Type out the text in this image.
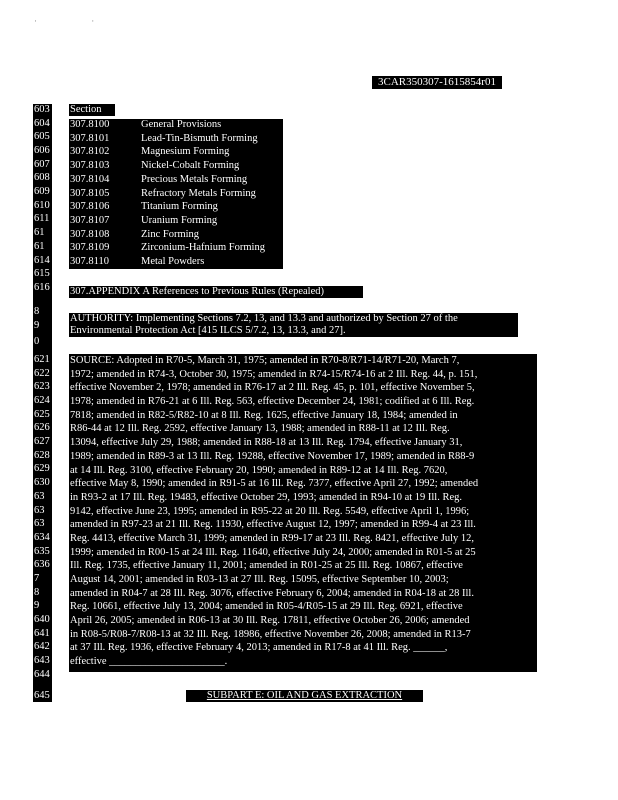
· ·
3CAR350307-1615854r01
603
604
605
606
607
608
609
610
611
61
61
614
615
616
8
9
0
621
622
623
624
625
626
627
628
629
630
63
63
63
634
635
636
7
8
9
640
641
642
643
644
645
Section
307.8100	General Provisions
307.8101	Lead-Tin-Bismuth Forming
307.8102	Magnesium Forming
307.8103	Nickel-Cobalt Forming
307.8104	Precious Metals Forming
307.8105	Refractory Metals Forming
307.8106	Titanium Forming
307.8107	Uranium Forming
307.8108	Zinc Forming
307.8109	Zirconium-Hafnium Forming
307.8110	Metal Powders
307.APPENDIX A References to Previous Rules (Repealed)
AUTHORITY: Implementing Sections 7.2, 13, and 13.3 and authorized by Section 27 of the
Environmental Protection Act [415 ILCS 5/7.2, 13, 13.3, and 27].
SOURCE: Adopted in R70-5, March 31, 1975; amended in R70-8/R71-14/R71-20, March 7,
1972; amended in R74-3, October 30, 1975; amended in R74-15/R74-16 at 2 Ill. Reg. 44, p. 151,
effective November 2, 1978; amended in R76-17 at 2 Ill. Reg. 45, p. 101, effective November 5,
1978; amended in R76-21 at 6 Ill. Reg. 563, effective December 24, 1981; codified at 6 Ill. Reg.
7818; amended in R82-5/R82-10 at 8 Ill. Reg. 1625, effective January 18, 1984; amended in
R86-44 at 12 Ill. Reg. 2592, effective January 13, 1988; amended in R88-11 at 12 Ill. Reg.
13094, effective July 29, 1988; amended in R88-18 at 13 Ill. Reg. 1794, effective January 31,
1989; amended in R89-3 at 13 Ill. Reg. 19288, effective November 17, 1989; amended in R88-9
at 14 Ill. Reg. 3100, effective February 20, 1990; amended in R89-12 at 14 Ill. Reg. 7620,
effective May 8, 1990; amended in R91-5 at 16 Ill. Reg. 7377, effective April 27, 1992; amended
in R93-2 at 17 Ill. Reg. 19483, effective October 29, 1993; amended in R94-10 at 19 Ill. Reg.
9142, effective June 23, 1995; amended in R95-22 at 20 Ill. Reg. 5549, effective April 1, 1996;
amended in R97-23 at 21 Ill. Reg. 11930, effective August 12, 1997; amended in R99-4 at 23 Ill.
Reg. 4413, effective March 31, 1999; amended in R99-17 at 23 Ill. Reg. 8421, effective July 12,
1999; amended in R00-15 at 24 Ill. Reg. 11640, effective July 24, 2000; amended in R01-5 at 25
Ill. Reg. 1735, effective January 11, 2001; amended in R01-25 at 25 Ill. Reg. 10867, effective
August 14, 2001; amended in R03-13 at 27 Ill. Reg. 15095, effective September 10, 2003;
amended in R04-7 at 28 Ill. Reg. 3076, effective February 6, 2004; amended in R04-18 at 28 Ill.
Reg. 10661, effective July 13, 2004; amended in R05-4/R05-15 at 29 Ill. Reg. 6921, effective
April 26, 2005; amended in R06-13 at 30 Ill. Reg. 17811, effective October 26, 2006; amended
in R08-5/R08-7/R08-13 at 32 Ill. Reg. 18986, effective November 26, 2008; amended in R13-7
at 37 Ill. Reg. 1936, effective February 4, 2013; amended in R17-8 at 41 Ill. Reg. ______,
effective ______________________.
SUBPART E: OIL AND GAS EXTRACTION
